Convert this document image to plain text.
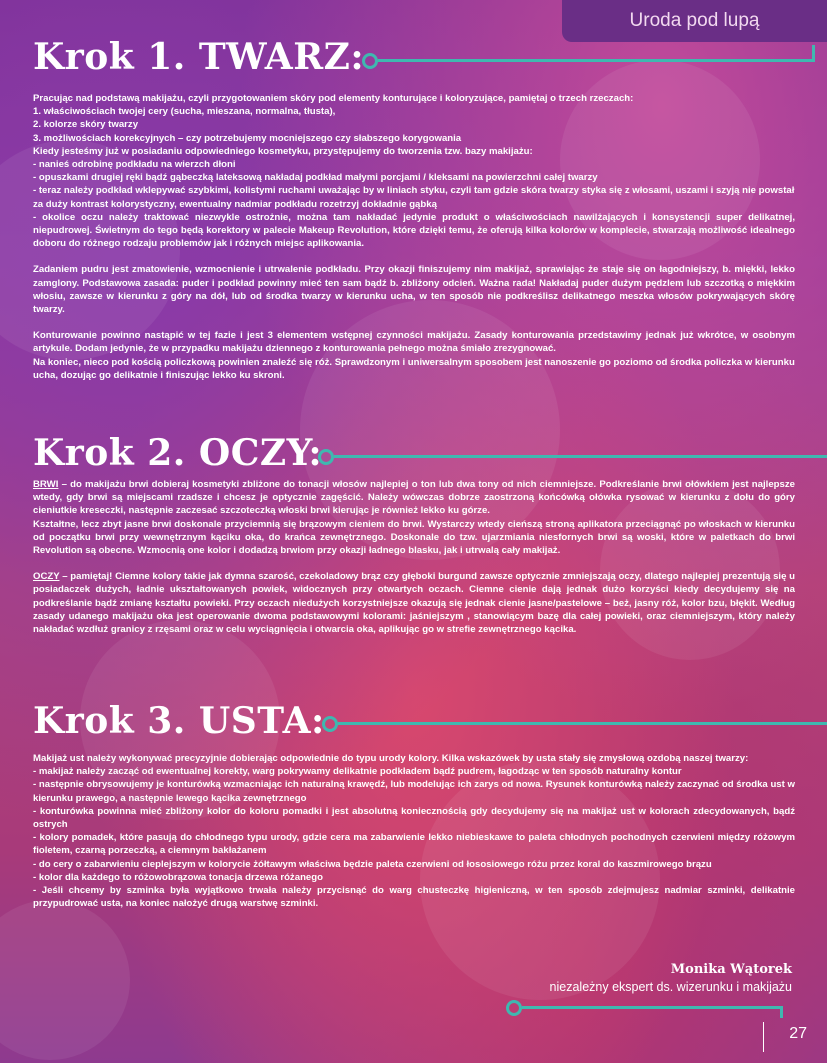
Uroda pod lupą
Krok 1. TWARZ:

Pracując nad podstawą makijażu, czyli przygotowaniem skóry pod elementy konturujące i koloryzujące, pamiętaj o trzech rzeczach:

1. właściwościach twojej cery (sucha, mieszana, normalna, tłusta),

2. kolorze skóry twarzy

3. możliwościach korekcyjnych – czy potrzebujemy mocniejszego czy słabszego korygowania

Kiedy jesteśmy już w posiadaniu odpowiedniego kosmetyku, przystępujemy do tworzenia tzw. bazy makijażu:

- nanieś odrobinę podkładu na wierzch dłoni

- opuszkami drugiej ręki bądź gąbeczką lateksową nakładaj podkład małymi porcjami / kleksami na powierzchni całej twarzy

- teraz należy podkład wklepywać szybkimi, kolistymi ruchami uważając by w liniach styku, czyli tam gdzie skóra twarzy styka się z włosami, uszami i szyją nie powstał za duży kontrast kolorystyczny, ewentualny nadmiar podkładu rozetrzyj dokładnie gąbką

- okolice oczu należy traktować niezwykle ostrożnie, można tam nakładać jedynie produkt o właściwościach nawilżających i konsystencji super delikatnej, niepudrowej. Świetnym do tego będą korektory w palecie Makeup Revolution, które dzięki temu, że oferują kilka kolorów w komplecie, stwarzają możliwość idealnego doboru do różnego rodzaju problemów jak i różnych miejsc aplikowania.

Zadaniem pudru jest zmatowienie, wzmocnienie i utrwalenie podkładu. Przy okazji finiszujemy nim makijaż, sprawiając że staje się on łagodniejszy, b. miękki, lekko zamglony. Podstawowa zasada: puder i podkład powinny mieć ten sam bądź b. zbliżony odcień. Ważna rada! Nakładaj puder dużym pędzlem lub szczotką o miękkim włosiu, zawsze w kierunku z góry na dół, lub od środka twarzy w kierunku ucha, w ten sposób nie podkreślisz delikatnego meszka włosów pokrywających skórę twarzy.

Konturowanie powinno nastąpić w tej fazie i jest 3 elementem wstępnej czynności makijażu. Zasady konturowania przedstawimy jednak już wkrótce, w osobnym artykule. Dodam jedynie, że w przypadku makijażu dziennego z konturowania pełnego można śmiało zrezygnować.

Na koniec, nieco pod kością policzkową powinien znaleźć się róż. Sprawdzonym i uniwersalnym sposobem jest nanoszenie go poziomo od środka policzka w kierunku ucha, dozując go delikatnie i finiszując lekko ku skroni.

Krok 2. OCZY:

BRWI – do makijażu brwi dobieraj kosmetyki zbliżone do tonacji włosów najlepiej o ton lub dwa tony od nich ciemniejsze. Podkreślanie brwi ołówkiem jest najlepsze wtedy, gdy brwi są miejscami rzadsze i chcesz je optycznie zagęścić. Należy wówczas dobrze zaostrzoną końcówką ołówka rysować w kierunku z dołu do góry cieniutkie kreseczki, następnie zaczesać szczoteczką włoski brwi kierując je również lekko ku górze.

Kształtne, lecz zbyt jasne brwi doskonale przyciemnią się brązowym cieniem do brwi. Wystarczy wtedy cieńszą stroną aplikatora przeciągnąć po włoskach w kierunku od początku brwi przy wewnętrznym kąciku oka, do krańca zewnętrznego. Doskonale do tzw. ujarzmiania niesfornych brwi są woski, które w paletkach do brwi Revolution są obecne. Wzmocnią one kolor i dodadzą brwiom przy okazji ładnego blasku, jak i utrwalą cały makijaż.

OCZY – pamiętaj! Ciemne kolory takie jak dymna szarość, czekoladowy brąz czy głęboki burgund zawsze optycznie zmniejszają oczy, dlatego najlepiej prezentują się u posiadaczek dużych, ładnie ukształtowanych powiek, widocznych przy otwartych oczach. Ciemne cienie dają jednak dużo korzyści kiedy decydujemy się na podkreślanie bądź zmianę kształtu powieki. Przy oczach niedużych korzystniejsze okazują się jednak cienie jasne/pastelowe – beż, jasny róż, kolor bzu, błękit. Według zasady udanego makijażu oka jest operowanie dwoma podstawowymi kolorami: jaśniejszym , stanowiącym bazę dla całej powieki, oraz ciemniejszym, który należy nakładać wzdłuż granicy z rzęsami oraz w celu wyciągnięcia i otwarcia oka, aplikując go w strefie zewnętrznego kącika.

Krok 3. USTA:

Makijaż ust należy wykonywać precyzyjnie dobierając odpowiednie do typu urody kolory. Kilka wskazówek by usta stały się zmysłową ozdobą naszej twarzy:

- makijaż należy zacząć od ewentualnej korekty, warg pokrywamy delikatnie podkładem bądź pudrem, łagodząc w ten sposób naturalny kontur

- następnie obrysowujemy je konturówką wzmacniając ich naturalną krawędź, lub modelując ich zarys od nowa. Rysunek konturówką należy zaczynać od środka ust w kierunku prawego, a następnie lewego kącika zewnętrznego

- konturówka powinna mieć zbliżony kolor do koloru pomadki i jest absolutną koniecznością gdy decydujemy się na makijaż ust w kolorach zdecydowanych, bądź ostrych

- kolory pomadek, które pasują do chłodnego typu urody, gdzie cera ma zabarwienie lekko niebieskawe to paleta chłodnych pochodnych czerwieni między różowym fioletem, czarną porzeczką, a ciemnym bakłażanem

- do cery o zabarwieniu cieplejszym w kolorycie żółtawym właściwa będzie paleta czerwieni od łososiowego różu przez koral do kaszmirowego brązu

- kolor dla każdego to różowobrązowa tonacja drzewa różanego

- Jeśli chcemy by szminka była wyjątkowo trwała należy przycisnąć do warg chusteczkę higieniczną, w ten sposób zdejmujesz nadmiar szminki, delikatnie przypudrować usta, na koniec nałożyć drugą warstwę szminki.

Monika Wątorek

niezależny ekspert ds. wizerunku i makijażu

27
